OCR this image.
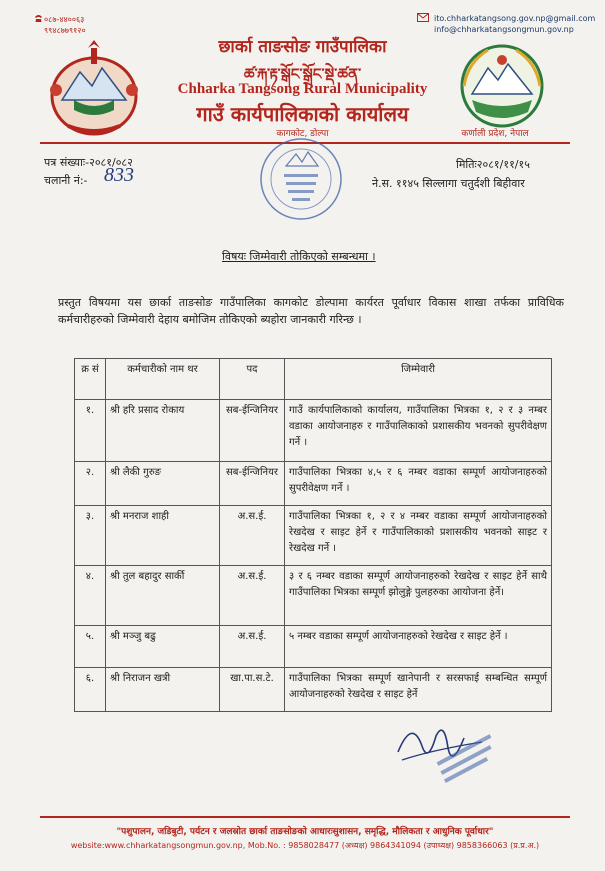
०८७-४४००६३
९९४८७७९१२०
ito.chharkatangsong.gov.np@gmail.com
info@chharkatangsongmun.gov.np
छार्का ताङसोङ गाउँपालिका
ཚ་རྐ་རྟ་སྒོང་སྒྲོང་སྡེ་ཚན་
Chharka Tangsong Rural Municipality
गाउँ कार्यपालिकाको कार्यालय
कागकोट, डोल्पा	कर्णाली प्रदेश, नेपाल
पत्र संख्याः-२०८१/०८२
चलानी नं:- 833	मितिः२०८१/११/१५
ने.स. ११४५ सिल्लागा चतुर्दशी बिहीवार
विषयः जिम्मेवारी तोकिएको सम्बन्धमा ।
प्रस्तुत विषयमा यस छार्का ताङसोङ गाउँपालिका कागकोट डोल्पामा कार्यरत पूर्वाधार विकास शाखा तर्फका प्राविधिक कर्मचारीहरुको जिम्मेवारी देहाय बमोजिम तोकिएको ब्यहोरा जानकारी गरिन्छ ।
क्र सं	कर्मचारीको नाम थर	पद	जिम्मेवारी
१.	श्री हरि प्रसाद रोकाय	सब-ईन्जिनियर	गाउँ कार्यपालिकाको कार्यालय, गाउँपालिका भित्रका १, २ र ३ नम्बर वडाका आयोजनाहरु र गाउँपालिकाको प्रशासकीय भवनको सुपरीवेक्षण गर्ने ।
२.	श्री लैकी गुरुङ	सब-ईन्जिनियर	गाउँपालिका भित्रका ४,५ र ६ नम्बर वडाका सम्पूर्ण आयोजनाहरुको सुपरीवेक्षण गर्ने ।
३.	श्री मनराज शाही	अ.स.ई.	गाउँपालिका भित्रका १, २ र ४ नम्बर वडाका सम्पूर्ण आयोजनाहरुको रेखदेख र साइट हेर्ने र गाउँपालिकाको प्रशासकीय भवनको साइट र रेखदेख गर्ने ।
४.	श्री तुल बहादुर सार्की	अ.स.ई.	३ र ६ नम्बर वडाका सम्पूर्ण आयोजनाहरुको रेखदेख र साइट हेर्ने साथै गाउँपालिका भित्रका सम्पूर्ण झोलुङ्गे पुलहरुका आयोजना हेर्ने।
५.	श्री मञ्जु बढु	अ.स.ई.	५ नम्बर वडाका सम्पूर्ण आयोजनाहरुको रेखदेख र साइट हेर्ने ।
६.	श्री निराजन खत्री	खा.पा.स.टे.	गाउँपालिका भित्रका सम्पूर्ण खानेपानी र सरसफाई सम्बन्धित सम्पूर्ण आयोजनाहरुको रेखदेख र साइट हेर्ने
"पशुपालन, जडिबुटी, पर्यटन र जलस्रोत छार्का ताङसोङको आधारःसुशासन, समृद्धि, मौलिकता र आधुनिक पूर्वाधार"
website:www.chharkatangsongmun.gov.np, Mob.No. : 9858028477 (अध्यक्ष) 9864341094 (उपाध्यक्ष) 9858366063 (प्र.प्र.अ.)
